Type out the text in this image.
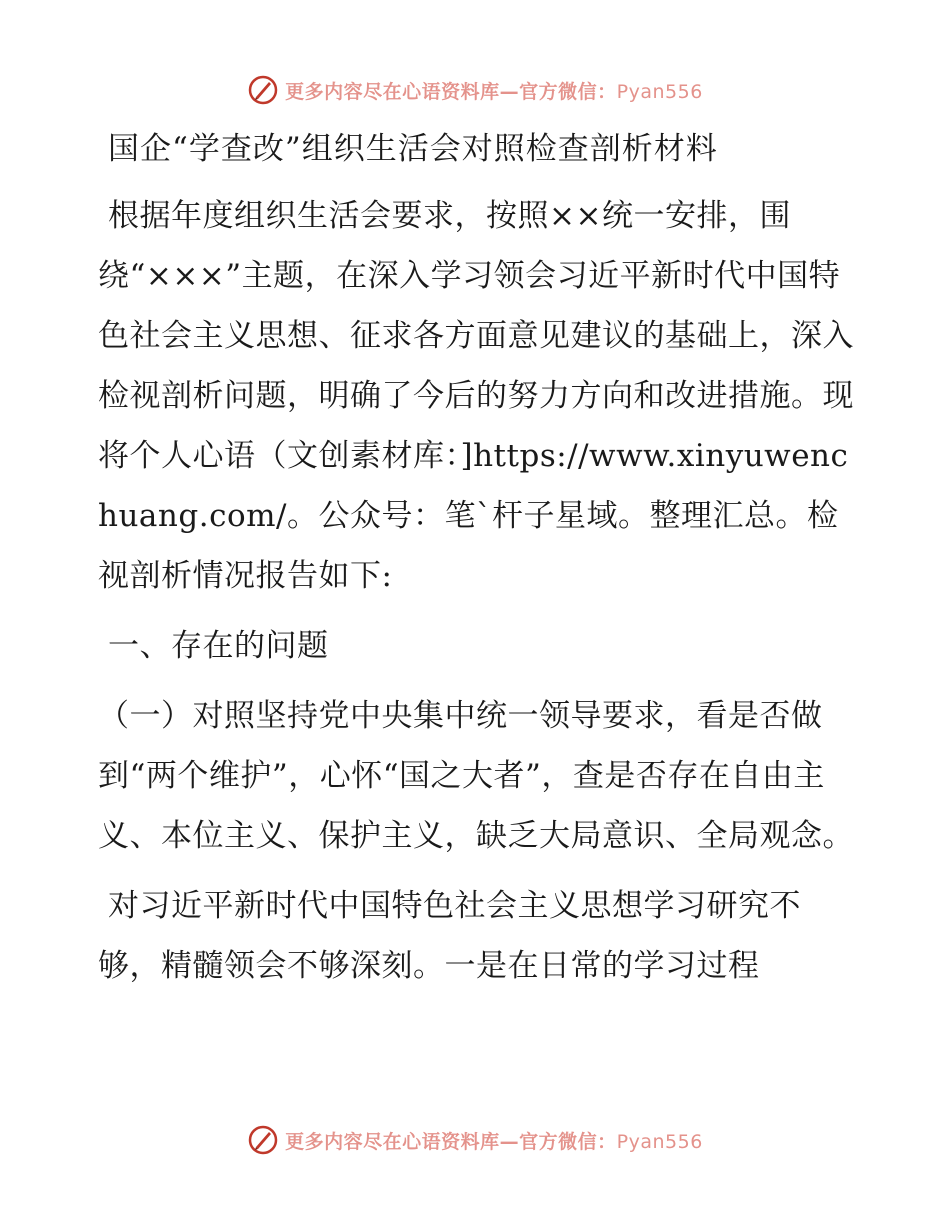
更多内容尽在心语资料库—官方微信：Pyan556
国企“学查改”组织生活会对照检查剖析材料

根据年度组织生活会要求，按照××统一安排，围绕“×××”主题，在深入学习领会习近平新时代中国特色社会主义思想、征求各方面意见建议的基础上，深入检视剖析问题，明确了今后的努力方向和改进措施。现将个人心语（文创素材库：]https://www.xinyuwenchuang.com/。公众号：笔`杆子星域。整理汇总。检视剖析情况报告如下:

一、存在的问题

（一）对照坚持党中央集中统一领导要求，看是否做到“两个维护”，心怀“国之大者”，查是否存在自由主义、本位主义、保护主义，缺乏大局意识、全局观念。

对习近平新时代中国特色社会主义思想学习研究不够，精髓领会不够深刻。一是在日常的学习过程

更多内容尽在心语资料库—官方微信：Pyan556
